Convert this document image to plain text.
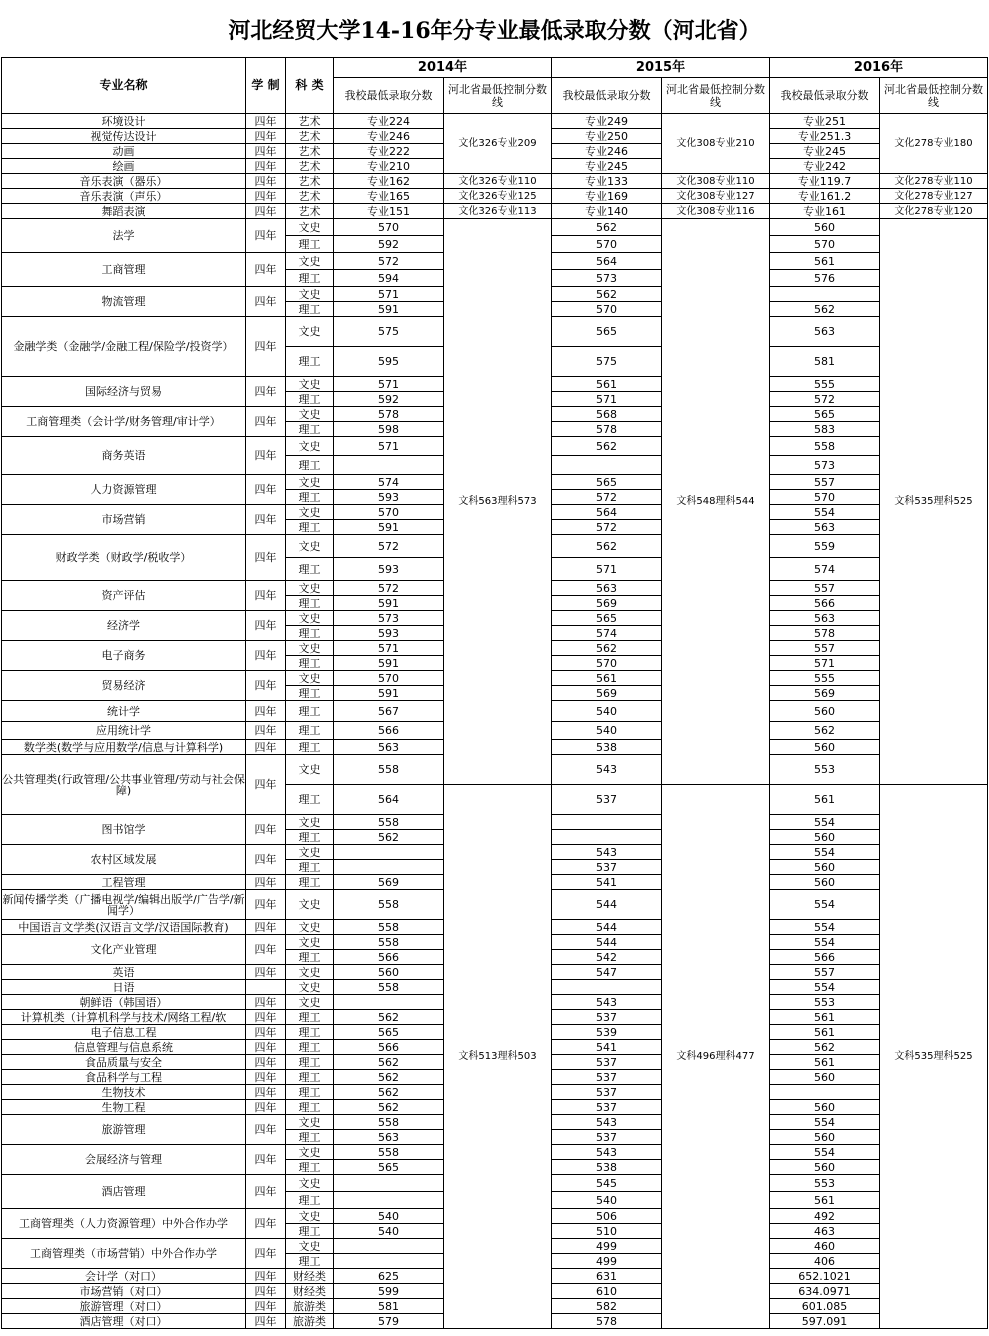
河北经贸大学14-16年分专业最低录取分数（河北省）
专业名称	学 制	科 类	2014年		2015年		2016年	
			我校最低录取分数	河北省最低控制分数线	我校最低录取分数	河北省最低控制分数线	我校最低录取分数	河北省最低控制分数线
环境设计	四年	艺术	专业224	文化326专业209	专业249	文化308专业210	专业251	文化278专业180
视觉传达设计	四年	艺术	专业246		专业250		专业251.3	
动画	四年	艺术	专业222		专业246		专业245	
绘画	四年	艺术	专业210		专业245		专业242	
音乐表演（器乐）	四年	艺术	专业162	文化326专业110	专业133	文化308专业110	专业119.7	文化278专业110
音乐表演（声乐）	四年	艺术	专业165	文化326专业125	专业169	文化308专业127	专业161.2	文化278专业127
舞蹈表演	四年	艺术	专业151	文化326专业113	专业140	文化308专业116	专业161	文化278专业120
法学	四年	文史	570	文科563理科573	562	文科548理科544	560	文科535理科525
		理工	592		570		570	
工商管理	四年	文史	572		564		561	
		理工	594		573		576	
物流管理	四年	文史	571		562			
		理工	591		570		562	
金融学类（金融学/金融工程/保险学/投资学）	四年	文史	575		565		563	
		理工	595		575		581	
国际经济与贸易	四年	文史	571		561		555	
		理工	592		571		572	
工商管理类（会计学/财务管理/审计学）	四年	文史	578		568		565	
		理工	598		578		583	
商务英语	四年	文史	571		562		558	
		理工					573	
人力资源管理	四年	文史	574		565		557	
		理工	593		572		570	
市场营销	四年	文史	570		564		554	
		理工	591		572		563	
财政学类（财政学/税收学）	四年	文史	572		562		559	
		理工	593		571		574	
资产评估	四年	文史	572		563		557	
		理工	591		569		566	
经济学	四年	文史	573		565		563	
		理工	593		574		578	
电子商务	四年	文史	571		562		557	
		理工	591		570		571	
贸易经济	四年	文史	570		561		555	
		理工	591		569		569	
统计学	四年	理工	567		540		560	
应用统计学	四年	理工	566		540		562	
数学类(数学与应用数学/信息与计算科学)	四年	理工	563		538		560	
公共管理类(行政管理/公共事业管理/劳动与社会保障)	四年	文史	558		543		553	
		理工	564	文科513理科503	537	文科496理科477	561	文科535理科525
图书馆学	四年	文史	558				554	
		理工	562				560	
农村区域发展	四年	文史			543		554	
		理工			537		560	
工程管理	四年	理工	569		541		560	
新闻传播学类（广播电视学/编辑出版学/广告学/新闻学）	四年	文史	558		544		554	
中国语言文学类(汉语言文学/汉语国际教育)	四年	文史	558		544		554	
文化产业管理	四年	文史	558		544		554	
		理工	566		542		566	
英语	四年	文史	560		547		557	
日语		文史	558				554	
朝鲜语（韩国语）	四年	文史			543		553	
计算机类（计算机科学与技术/网络工程/软	四年	理工	562		537		561	
电子信息工程	四年	理工	565		539		561	
信息管理与信息系统	四年	理工	566		541		562	
食品质量与安全	四年	理工	562		537		561	
食品科学与工程	四年	理工	562		537		560	
生物技术	四年	理工	562		537			
生物工程	四年	理工	562		537		560	
旅游管理	四年	文史	558		543		554	
		理工	563		537		560	
会展经济与管理	四年	文史	558		543		554	
		理工	565		538		560	
酒店管理	四年	文史			545		553	
		理工			540		561	
工商管理类（人力资源管理）中外合作办学	四年	文史	540		506		492	
		理工	540		510		463	
工商管理类（市场营销）中外合作办学	四年	文史			499		460	
		理工			499		406	
会计学（对口）	四年	财经类	625		631		652.1021	
市场营销（对口）	四年	财经类	599		610		634.0971	
旅游管理（对口）	四年	旅游类	581		582		601.085	
酒店管理（对口）	四年	旅游类	579		578		597.091	
